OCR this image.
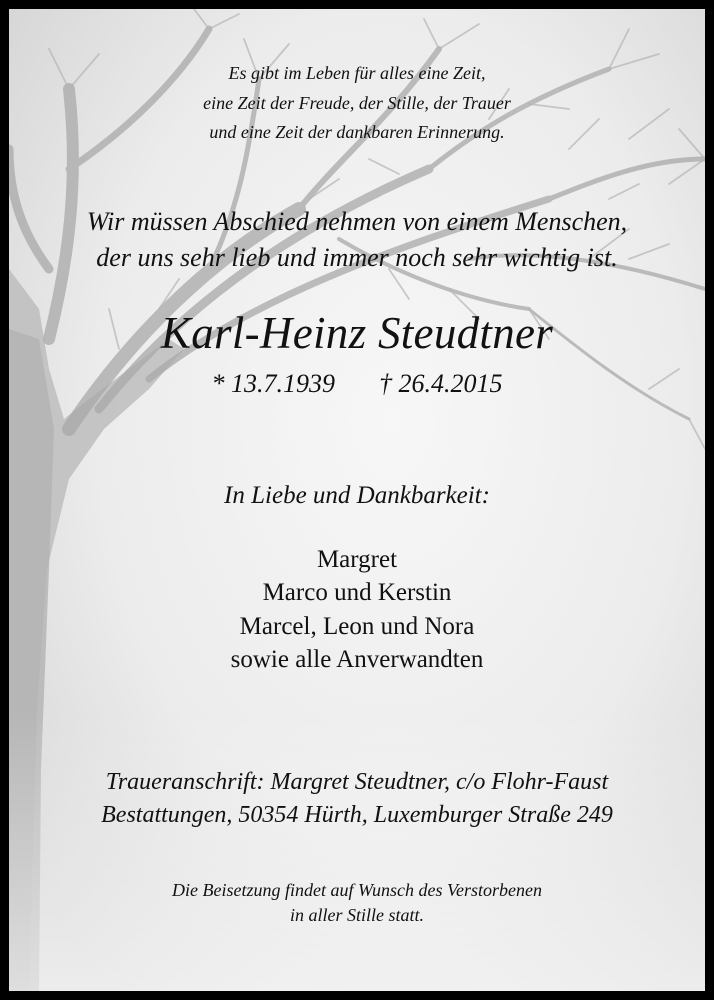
Es gibt im Leben für alles eine Zeit,
eine Zeit der Freude, der Stille, der Trauer
und eine Zeit der dankbaren Erinnerung.
Wir müssen Abschied nehmen von einem Menschen,
der uns sehr lieb und immer noch sehr wichtig ist.
Karl-Heinz Steudtner
* 13.7.1939 † 26.4.2015
In Liebe und Dankbarkeit:
Margret
Marco und Kerstin
Marcel, Leon und Nora
sowie alle Anverwandten
Traueranschrift: Margret Steudtner, c/o Flohr-Faust
Bestattungen, 50354 Hürth, Luxemburger Straße 249
Die Beisetzung findet auf Wunsch des Verstorbenen
in aller Stille statt.
